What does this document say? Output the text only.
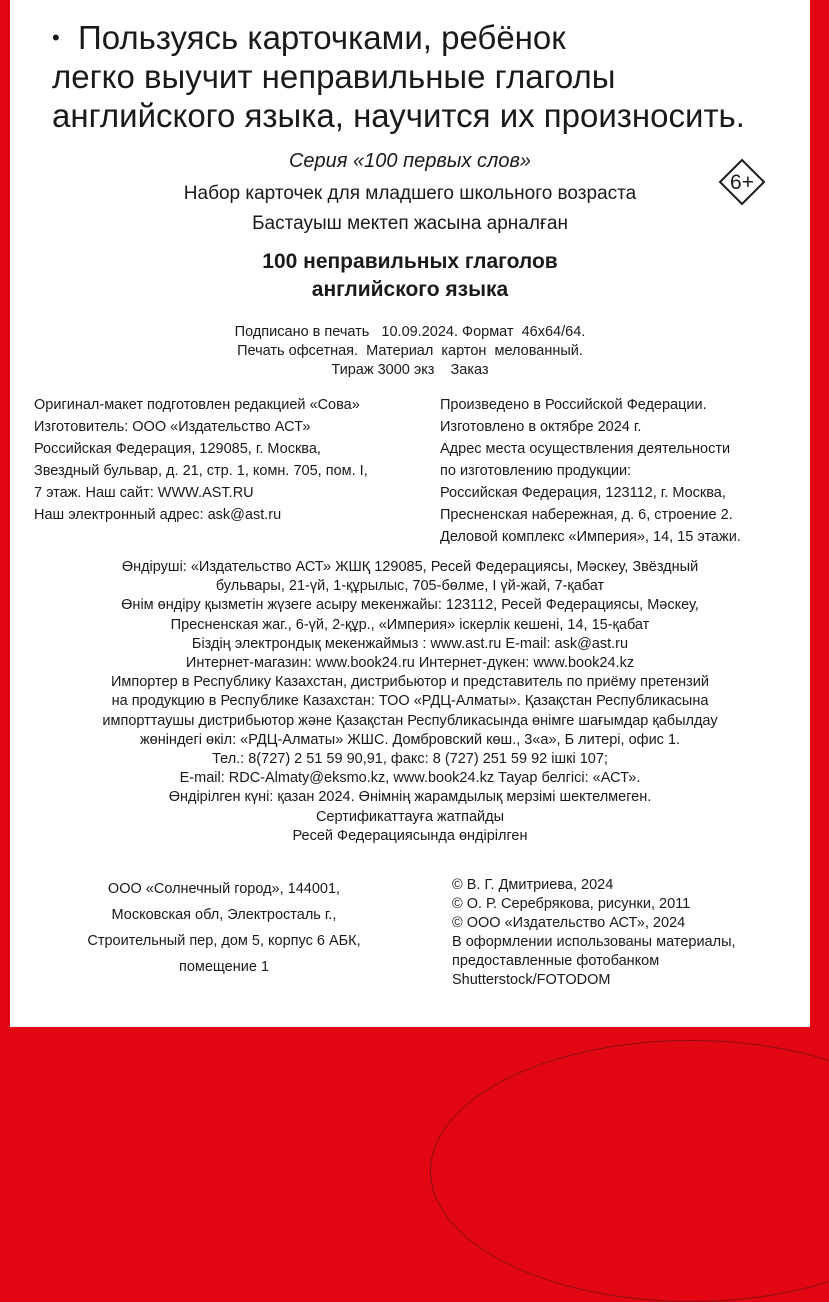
• Пользуясь карточками, ребёнок
легко выучит неправильные глаголы
английского языка, научится их произносить.
Серия «100 первых слов»
6+
Набор карточек для младшего школьного возраста
Бастауыш мектеп жасына арналған
100 неправильных глаголов
английского языка
Подписано в печать   10.09.2024. Формат  46x64/64.
Печать офсетная.  Материал  картон  мелованный.
Тираж 3000 экз    Заказ
Оригинал-макет подготовлен редакцией «Сова»
Изготовитель: ООО «Издательство АСТ»
Российская Федерация, 129085, г. Москва,
Звездный бульвар, д. 21, стр. 1, комн. 705, пом. I,
7 этаж. Наш сайт: WWW.AST.RU
Наш электронный адрес: ask@ast.ru
Произведено в Российской Федерации.
Изготовлено в октябре 2024 г.
Адрес места осуществления деятельности
по изготовлению продукции:
Российская Федерация, 123112, г. Москва,
Пресненская набережная, д. 6, строение 2.
Деловой комплекс «Империя», 14, 15 этажи.
Өндіруші: «Издательство АСТ» ЖШҚ 129085, Ресей Федерациясы, Мәскеу, Звёздный
бульвары, 21-үй, 1-құрылыс, 705-бөлме, I үй-жай, 7-қабат
Өнім өндіру қызметін жүзеге асыру мекенжайы: 123112, Ресей Федерациясы, Мәскеу,
Пресненская жаг., 6-үй, 2-құр., «Империя» іскерлік кешені, 14, 15-қабат
Біздің электрондық мекенжаймыз : www.ast.ru E-mail: ask@ast.ru
Интернет-магазин: www.book24.ru Интернет-дүкен: www.book24.kz
Импортер в Республику Казахстан, дистрибьютор и представитель по приёму претензий
на продукцию в Республике Казахстан: ТОО «РДЦ-Алматы». Қазақстан Республикасына
импорттаушы дистрибьютор және Қазақстан Республикасында өнімге шағымдар қабылдау
жөніндегі өкіл: «РДЦ-Алматы» ЖШС. Домбровский көш., 3«а», Б литері, офис 1.
Тел.: 8(727) 2 51 59 90,91, факс: 8 (727) 251 59 92 ішкі 107;
E-mail: RDC-Almaty@eksmo.kz, www.book24.kz Тауар белгісі: «АСТ».
Өндірілген күні: қазан 2024. Өнімнің жарамдылық мерзімі шектелмеген.
Сертификаттауға жатпайды
Ресей Федерациясында өндірілген
ООО «Солнечный город», 144001,
Московская обл, Электросталь г.,
Строительный пер, дом 5, корпус 6 АБК,
помещение 1
© В. Г. Дмитриева, 2024
© О. Р. Серебрякова, рисунки, 2011
© ООО «Издательство АСТ», 2024
В оформлении использованы материалы,
предоставленные фотобанком
Shutterstock/FOTODOM
